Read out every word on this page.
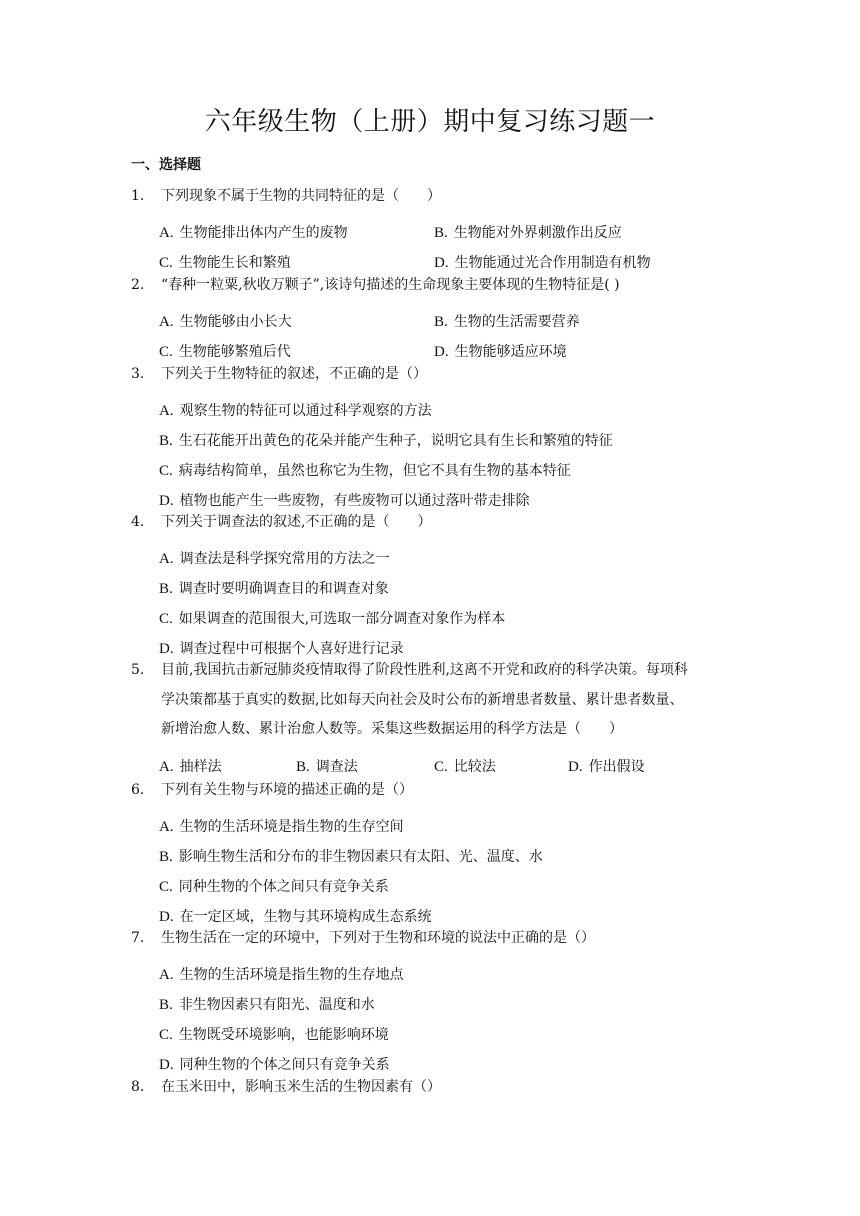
六年级生物（上册）期中复习练习题一
一、选择题
1. 下列现象不属于生物的共同特征的是（　　）
A. 生物能排出体内产生的废物	B. 生物能对外界刺激作出反应
C. 生物能生长和繁殖	D. 生物能通过光合作用制造有机物
2. “春种一粒粟,秋收万颗子”,该诗句描述的生命现象主要体现的生物特征是( )
A. 生物能够由小长大	B. 生物的生活需要营养
C. 生物能够繁殖后代	D. 生物能够适应环境
3. 下列关于生物特征的叙述，不正确的是（）
A. 观察生物的特征可以通过科学观察的方法
B. 生石花能开出黄色的花朵并能产生种子，说明它具有生长和繁殖的特征
C. 病毒结构简单，虽然也称它为生物，但它不具有生物的基本特征
D. 植物也能产生一些废物，有些废物可以通过落叶带走排除
4. 下列关于调查法的叙述,不正确的是（　　）
A. 调查法是科学探究常用的方法之一
B. 调查时要明确调查目的和调查对象
C. 如果调查的范围很大,可选取一部分调查对象作为样本
D. 调查过程中可根据个人喜好进行记录
5. 目前,我国抗击新冠肺炎疫情取得了阶段性胜利,这离不开党和政府的科学决策。每项科
学决策都基于真实的数据,比如每天向社会及时公布的新增患者数量、累计患者数量、
新增治愈人数、累计治愈人数等。采集这些数据运用的科学方法是（　　）
A. 抽样法	B. 调查法	C. 比较法	D. 作出假设
6. 下列有关生物与环境的描述正确的是（）
A. 生物的生活环境是指生物的生存空间
B. 影响生物生活和分布的非生物因素只有太阳、光、温度、水
C. 同种生物的个体之间只有竞争关系
D. 在一定区域，生物与其环境构成生态系统
7. 生物生活在一定的环境中，下列对于生物和环境的说法中正确的是（）
A. 生物的生活环境是指生物的生存地点
B. 非生物因素只有阳光、温度和水
C. 生物既受环境影响，也能影响环境
D. 同种生物的个体之间只有竞争关系
8. 在玉米田中，影响玉米生活的生物因素有（）
